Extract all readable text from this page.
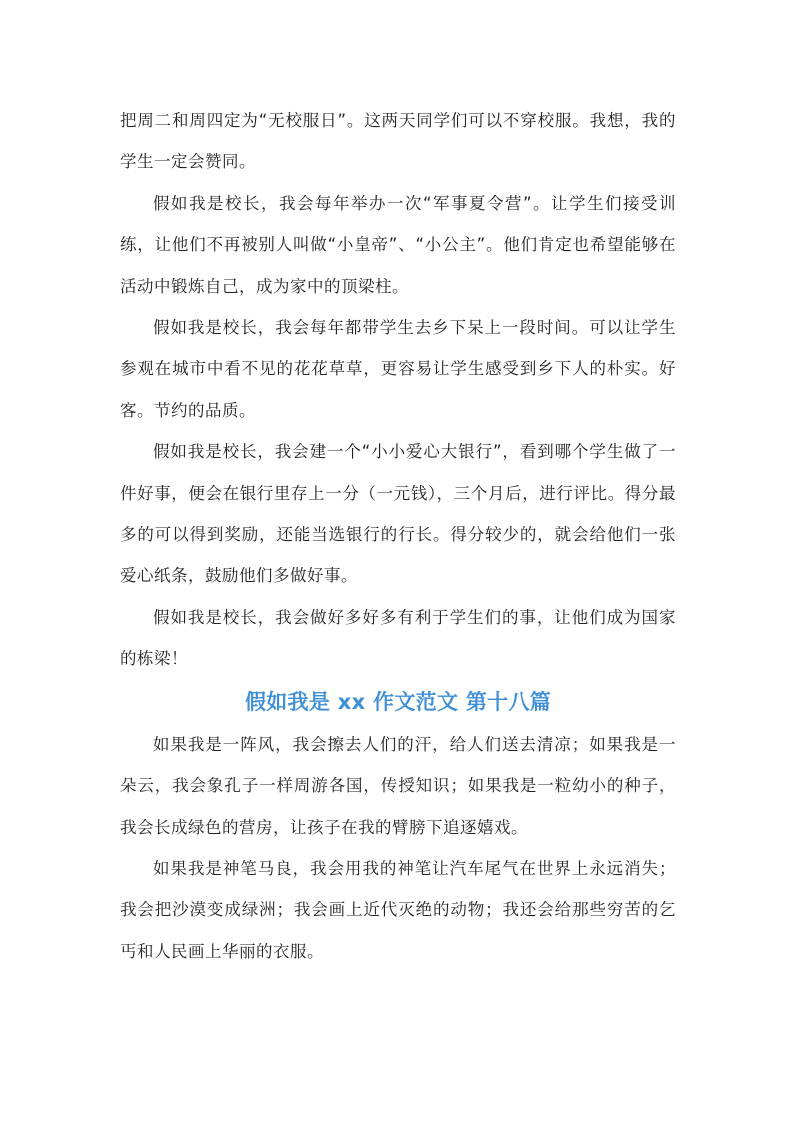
把周二和周四定为“无校服日”。这两天同学们可以不穿校服。我想，我的学生一定会赞同。

假如我是校长，我会每年举办一次“军事夏令营”。让学生们接受训练，让他们不再被别人叫做“小皇帝”、“小公主”。他们肯定也希望能够在活动中锻炼自己，成为家中的顶梁柱。

假如我是校长，我会每年都带学生去乡下呆上一段时间。可以让学生参观在城市中看不见的花花草草，更容易让学生感受到乡下人的朴实。好客。节约的品质。

假如我是校长，我会建一个“小小爱心大银行”，看到哪个学生做了一件好事，便会在银行里存上一分（一元钱），三个月后，进行评比。得分最多的可以得到奖励，还能当选银行的行长。得分较少的，就会给他们一张爱心纸条，鼓励他们多做好事。

假如我是校长，我会做好多好多有利于学生们的事，让他们成为国家的栋梁！

假如我是 xx 作文范文 第十八篇

如果我是一阵风，我会擦去人们的汗，给人们送去清凉；如果我是一朵云，我会象孔子一样周游各国，传授知识；如果我是一粒幼小的种子，我会长成绿色的营房，让孩子在我的臂膀下追逐嬉戏。

如果我是神笔马良，我会用我的神笔让汽车尾气在世界上永远消失；我会把沙漠变成绿洲；我会画上近代灭绝的动物；我还会给那些穷苦的乞丐和人民画上华丽的衣服。
